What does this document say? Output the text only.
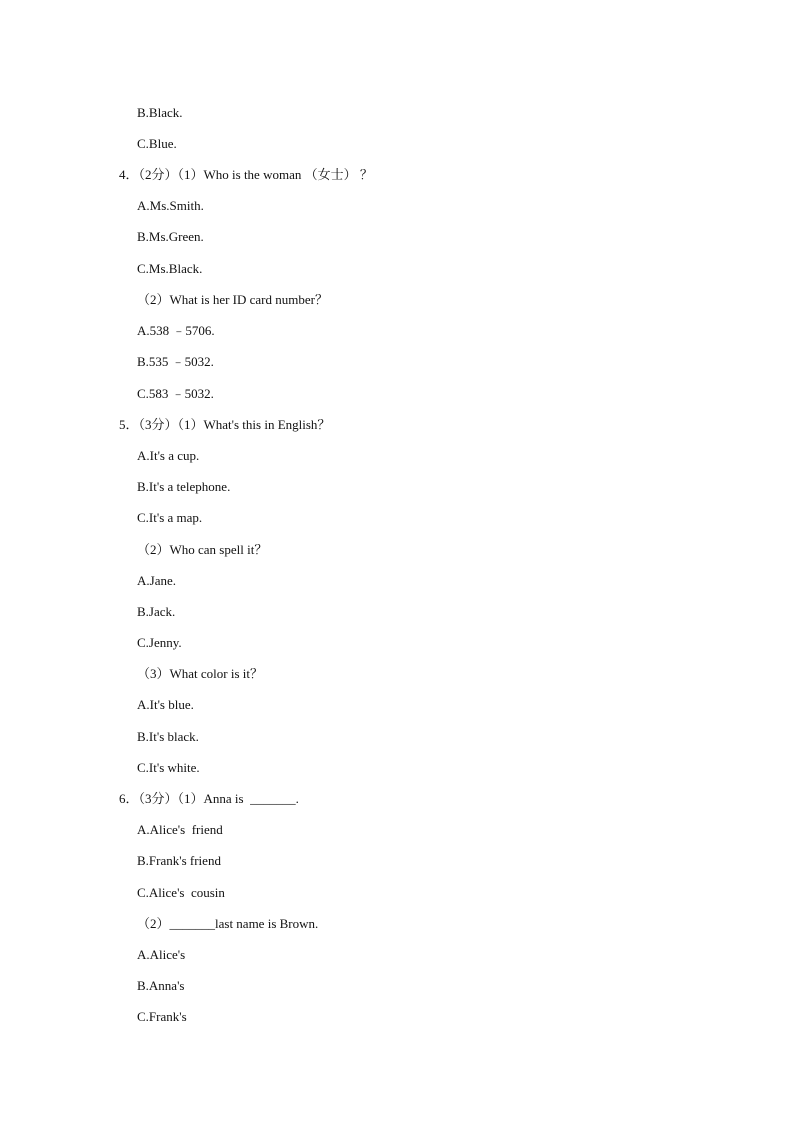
B.Black.
C.Blue.
4．（2分）（1）Who is the woman （女士） ？
A.Ms.Smith.
B.Ms.Green.
C.Ms.Black.
（2）What is her ID card number？
A.538 ﹣5706.
B.535 ﹣5032.
C.583 ﹣5032.
5．（3分）（1）What's this in English？
A.It's a cup.
B.It's a telephone.
C.It's a map.
（2）Who can spell it？
A.Jane.
B.Jack.
C.Jenny.
（3）What color is it？
A.It's blue.
B.It's black.
C.It's white.
6．（3分）（1）Anna is  _______.
A.Alice's  friend
B.Frank's friend
C.Alice's  cousin
（2）_______last name is Brown.
A.Alice's
B.Anna's
C.Frank's
